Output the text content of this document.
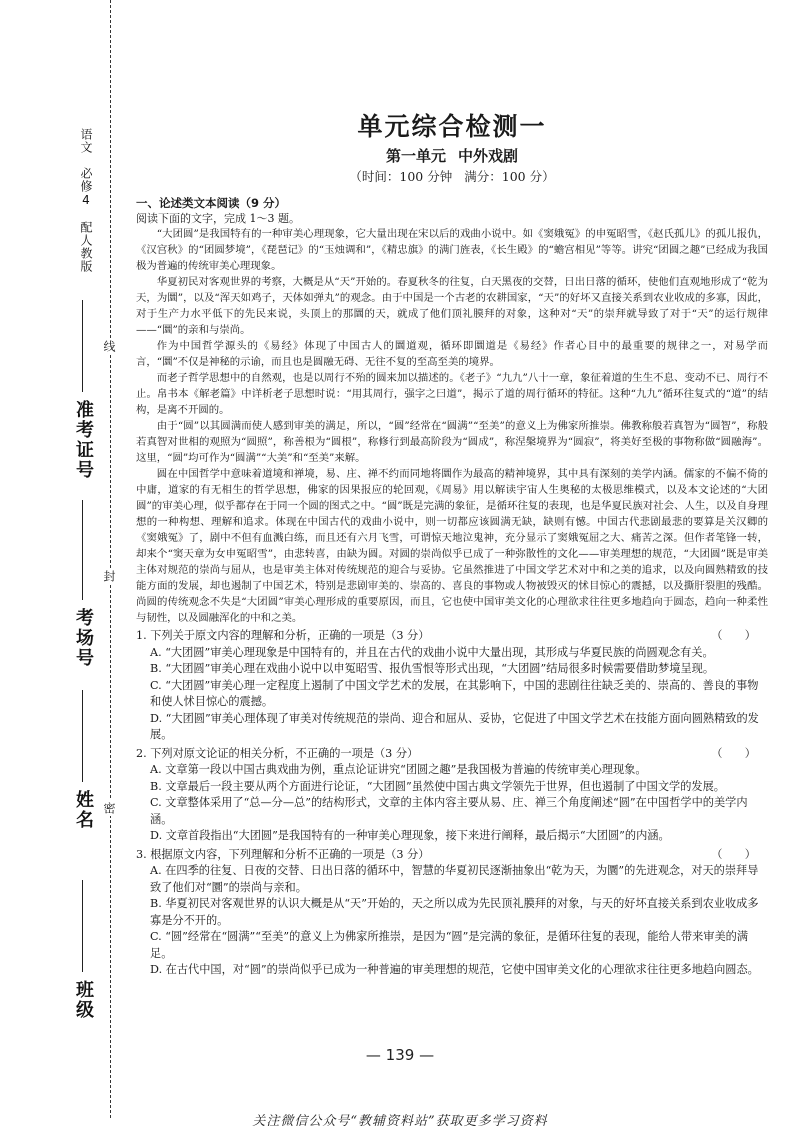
语文　必修4　配人教版
准考证号
考场号
姓名
班级
线
封
密
单元综合检测一
第一单元 中外戏剧
（时间：100 分钟 满分：100 分）
一、论述类文本阅读（9 分）
阅读下面的文字，完成 1～3 题。

“大团圆”是我国特有的一种审美心理现象，它大量出现在宋以后的戏曲小说中。如《窦娥冤》的申冤昭雪，《赵氏孤儿》的孤儿报仇，《汉宫秋》的“团圆梦境”，《琵琶记》的“玉烛调和”，《精忠旗》的满门旌表，《长生殿》的“蟾宫相见”等等。讲究“团圆之趣”已经成为我国极为普遍的传统审美心理现象。

华夏初民对客观世界的考察，大概是从“天”开始的。春夏秋冬的往复，白天黑夜的交替，日出日落的循环，使他们直观地形成了“乾为天，为圜”，以及“浑天如鸡子，天体如弹丸”的观念。由于中国是一个古老的农耕国家，“天”的好坏又直接关系到农业收成的多寡，因此，对于生产力水平低下的先民来说，头顶上的那圜的天，就成了他们顶礼膜拜的对象，这种对“天”的崇拜就导致了对于“天”的运行规律——“圜”的亲和与崇尚。

作为中国哲学源头的《易经》体现了中国古人的圜道观，循环即圜道是《易经》作者心目中的最重要的规律之一，对易学而言，“圜”不仅是神秘的示谕，而且也是圆融无碍、无往不复的至高至美的境界。

而老子哲学思想中的自然观，也是以周行不殆的圆来加以描述的。《老子》“九九”八十一章，象征着道的生生不息、变动不已、周行不止。帛书本《解老篇》中详析老子思想时说：“用其周行，强字之曰道”，揭示了道的周行循环的特征。这种“九九”循环往复式的“道”的结构，是离不开圆的。

由于“圆”以其圆满而使人感到审美的满足，所以，“圆”经常在“圆满”“至美”的意义上为佛家所推崇。佛教称般若真智为“圆智”，称般若真智对世相的观照为“圆照”，称善根为“圆根”，称修行到最高阶段为“圆成”，称涅槃境界为“圆寂”，将美好至极的事物称做“圆融海”。这里，“圆”均可作为“圆满”“大美”和“至美”来解。

圆在中国哲学中意味着道境和禅境，易、庄、禅不约而同地将圜作为最高的精神境界，其中具有深刻的美学内涵。儒家的不偏不倚的中庸，道家的有无相生的哲学思想，佛家的因果报应的轮回观，《周易》用以解读宇宙人生奥秘的太极思维模式，以及本文论述的“大团圆”的审美心理，似乎都存在于同一个圆的图式之中。“圆”既是完满的象征，是循环往复的表现，也是华夏民族对社会、人生，以及自身理想的一种构想、理解和追求。体现在中国古代的戏曲小说中，则一切都应该圆满无缺，缺则有憾。中国古代悲剧最悲的要算是关汉卿的《窦娥冤》了，剧中不但有血溅白练，而且还有六月飞雪，可谓惊天地泣鬼神，充分显示了窦娥冤屈之大、痛苦之深。但作者笔锋一转，却来个“窦天章为女申冤昭雪”，由悲转喜，由缺为圆。对圆的崇尚似乎已成了一种弥散性的文化——审美理想的规范，“大团圆”既是审美主体对规范的崇尚与屈从，也是审美主体对传统规范的迎合与妥协。它虽然推进了中国文学艺术对中和之美的追求，以及向圆熟精致的技能方面的发展，却也遏制了中国艺术，特别是悲剧审美的、崇高的、喜良的事物或人物被毁灭的怵目惊心的震撼，以及撕肝裂胆的残酷。尚圆的传统观念不失是“大团圆”审美心理形成的重要原因，而且，它也使中国审美文化的心理欲求往往更多地趋向于圆态，趋向一种柔性与韧性，以及圆融浑化的中和之美。

1. 下列关于原文内容的理解和分析，正确的一项是（3 分）	（　　）
A. “大团圆”审美心理现象是中国特有的，并且在古代的戏曲小说中大量出现，其形成与华夏民族的尚圆观念有关。
B. “大团圆”审美心理在戏曲小说中以申冤昭雪、报仇雪恨等形式出现，“大团圆”结局很多时候需要借助梦境呈现。
C. “大团圆”审美心理一定程度上遏制了中国文学艺术的发展，在其影响下，中国的悲剧往往缺乏美的、崇高的、善良的事物和使人怵目惊心的震撼。
D. “大团圆”审美心理体现了审美对传统规范的崇尚、迎合和屈从、妥协，它促进了中国文学艺术在技能方面向圆熟精致的发展。
2. 下列对原文论证的相关分析，不正确的一项是（3 分）	（　　）
A. 文章第一段以中国古典戏曲为例，重点论证讲究“团圆之趣”是我国极为普遍的传统审美心理现象。
B. 文章最后一段主要从两个方面进行论证，“大团圆”虽然使中国古典文学领先于世界，但也遏制了中国文学的发展。
C. 文章整体采用了“总—分—总”的结构形式，文章的主体内容主要从易、庄、禅三个角度阐述“圆”在中国哲学中的美学内涵。
D. 文章首段指出“大团圆”是我国特有的一种审美心理现象，接下来进行阐释，最后揭示“大团圆”的内涵。
3. 根据原文内容，下列理解和分析不正确的一项是（3 分）	（　　）
A. 在四季的往复、日夜的交替、日出日落的循环中，智慧的华夏初民逐渐抽象出“乾为天，为圜”的先进观念，对天的崇拜导致了他们对“圜”的崇尚与亲和。
B. 华夏初民对客观世界的认识大概是从“天”开始的，天之所以成为先民顶礼膜拜的对象，与天的好坏直接关系到农业收成多寡是分不开的。
C. “圆”经常在“圆满”“至美”的意义上为佛家所推崇，是因为“圆”是完满的象征，是循环往复的表现，能给人带来审美的满足。
D. 在古代中国，对“圆”的崇尚似乎已成为一种普遍的审美理想的规范，它使中国审美文化的心理欲求往往更多地趋向圆态。
— 139 —
关注微信公众号“教辅资料站”获取更多学习资料
